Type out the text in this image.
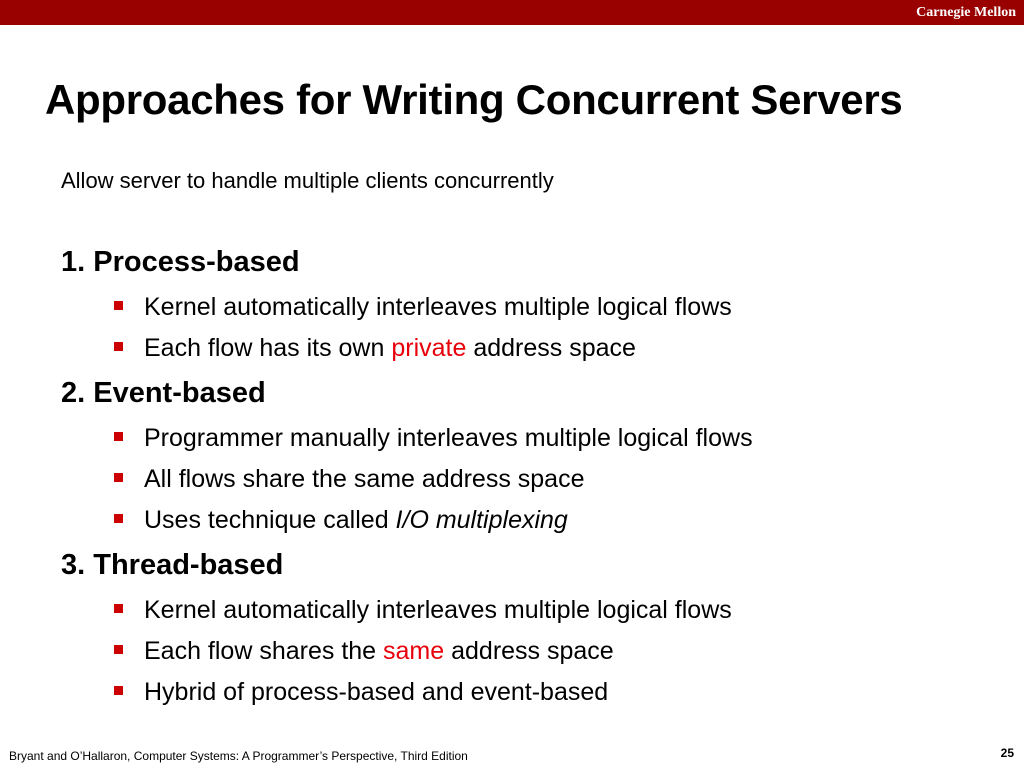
Carnegie Mellon
Approaches for Writing Concurrent Servers
Allow server to handle multiple clients concurrently
1. Process-based
Kernel automatically interleaves multiple logical flows
Each flow has its own private address space
2. Event-based
Programmer manually interleaves multiple logical flows
All flows share the same address space
Uses technique called I/O multiplexing
3. Thread-based
Kernel automatically interleaves multiple logical flows
Each flow shares the same address space
Hybrid of process-based and event-based
Bryant and O’Hallaron, Computer Systems: A Programmer’s Perspective, Third Edition	25
